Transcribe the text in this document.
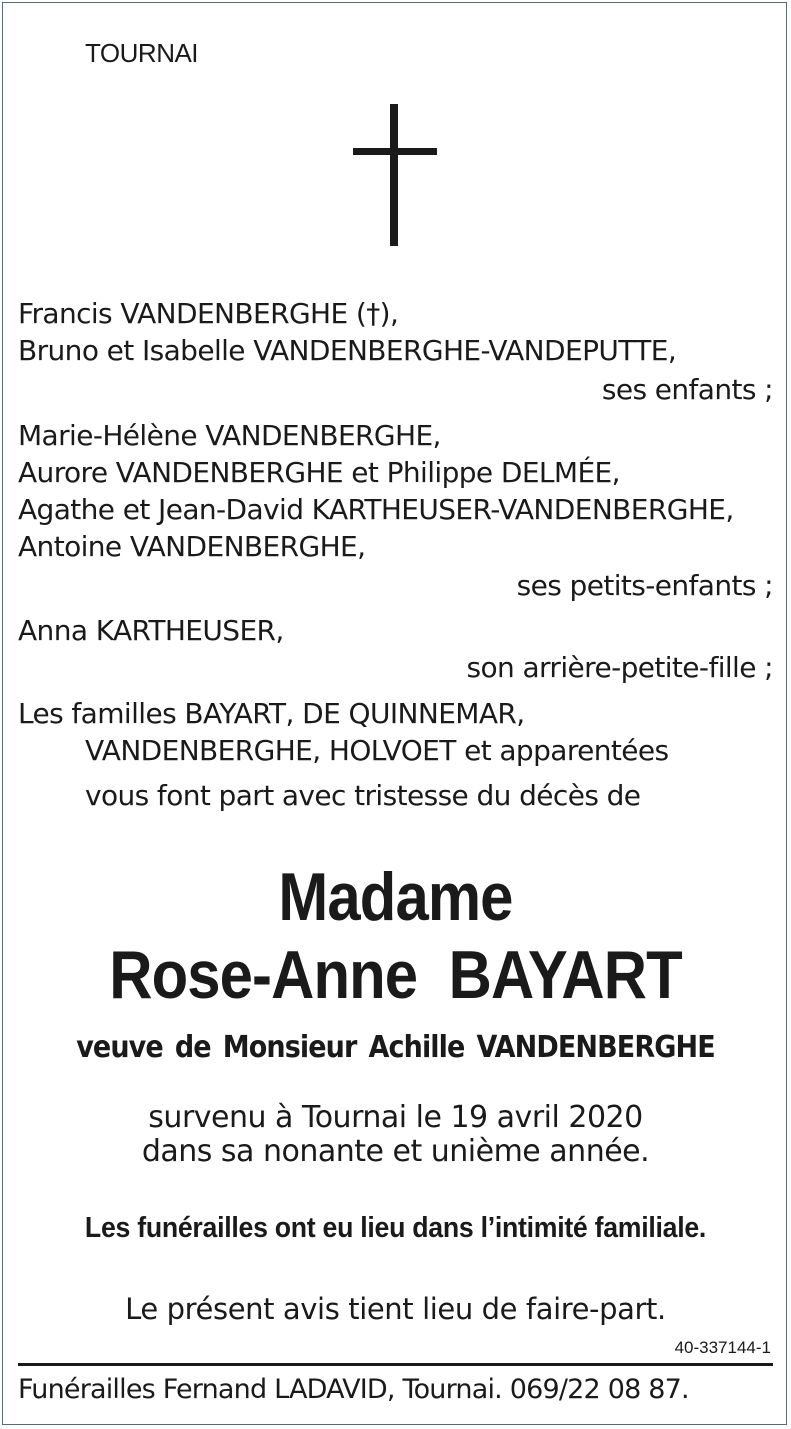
TOURNAI
Francis VANDENBERGHE (†),
Bruno et Isabelle VANDENBERGHE-VANDEPUTTE,
ses enfants ;
Marie-Hélène VANDENBERGHE,
Aurore VANDENBERGHE et Philippe DELMÉE,
Agathe et Jean-David KARTHEUSER-VANDENBERGHE,
Antoine VANDENBERGHE,
ses petits-enfants ;
Anna KARTHEUSER,
son arrière-petite-fille ;
Les familles BAYART, DE QUINNEMAR,
VANDENBERGHE, HOLVOET et apparentées
vous font part avec tristesse du décès de
Madame
Rose-Anne  BAYART
veuve de Monsieur Achille VANDENBERGHE
survenu à Tournai le 19 avril 2020
dans sa nonante et unième année.
Les funérailles ont eu lieu dans l’intimité familiale.
Le présent avis tient lieu de faire-part.
40-337144-1
Funérailles Fernand LADAVID, Tournai. 069/22 08 87.
